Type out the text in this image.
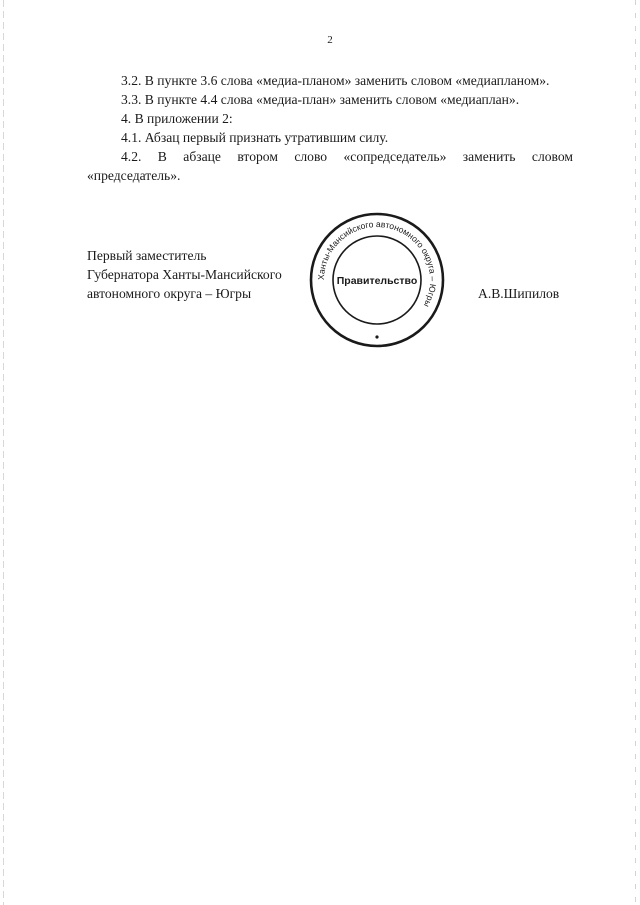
2

3.2. В пункте 3.6 слова «медиа-планом» заменить словом «медиапланом».

3.3. В пункте 4.4 слова «медиа-план» заменить словом «медиаплан».

4. В приложении 2:

4.1. Абзац первый признать утратившим силу.

4.2. В абзаце втором слово «сопредседатель» заменить словом «председатель».

Первый заместитель
Губернатора Ханты-Мансийского
автономного округа – Югры
Ханты-Мансийского автономного округа – Югры
Правительство
А.В.Шипилов
